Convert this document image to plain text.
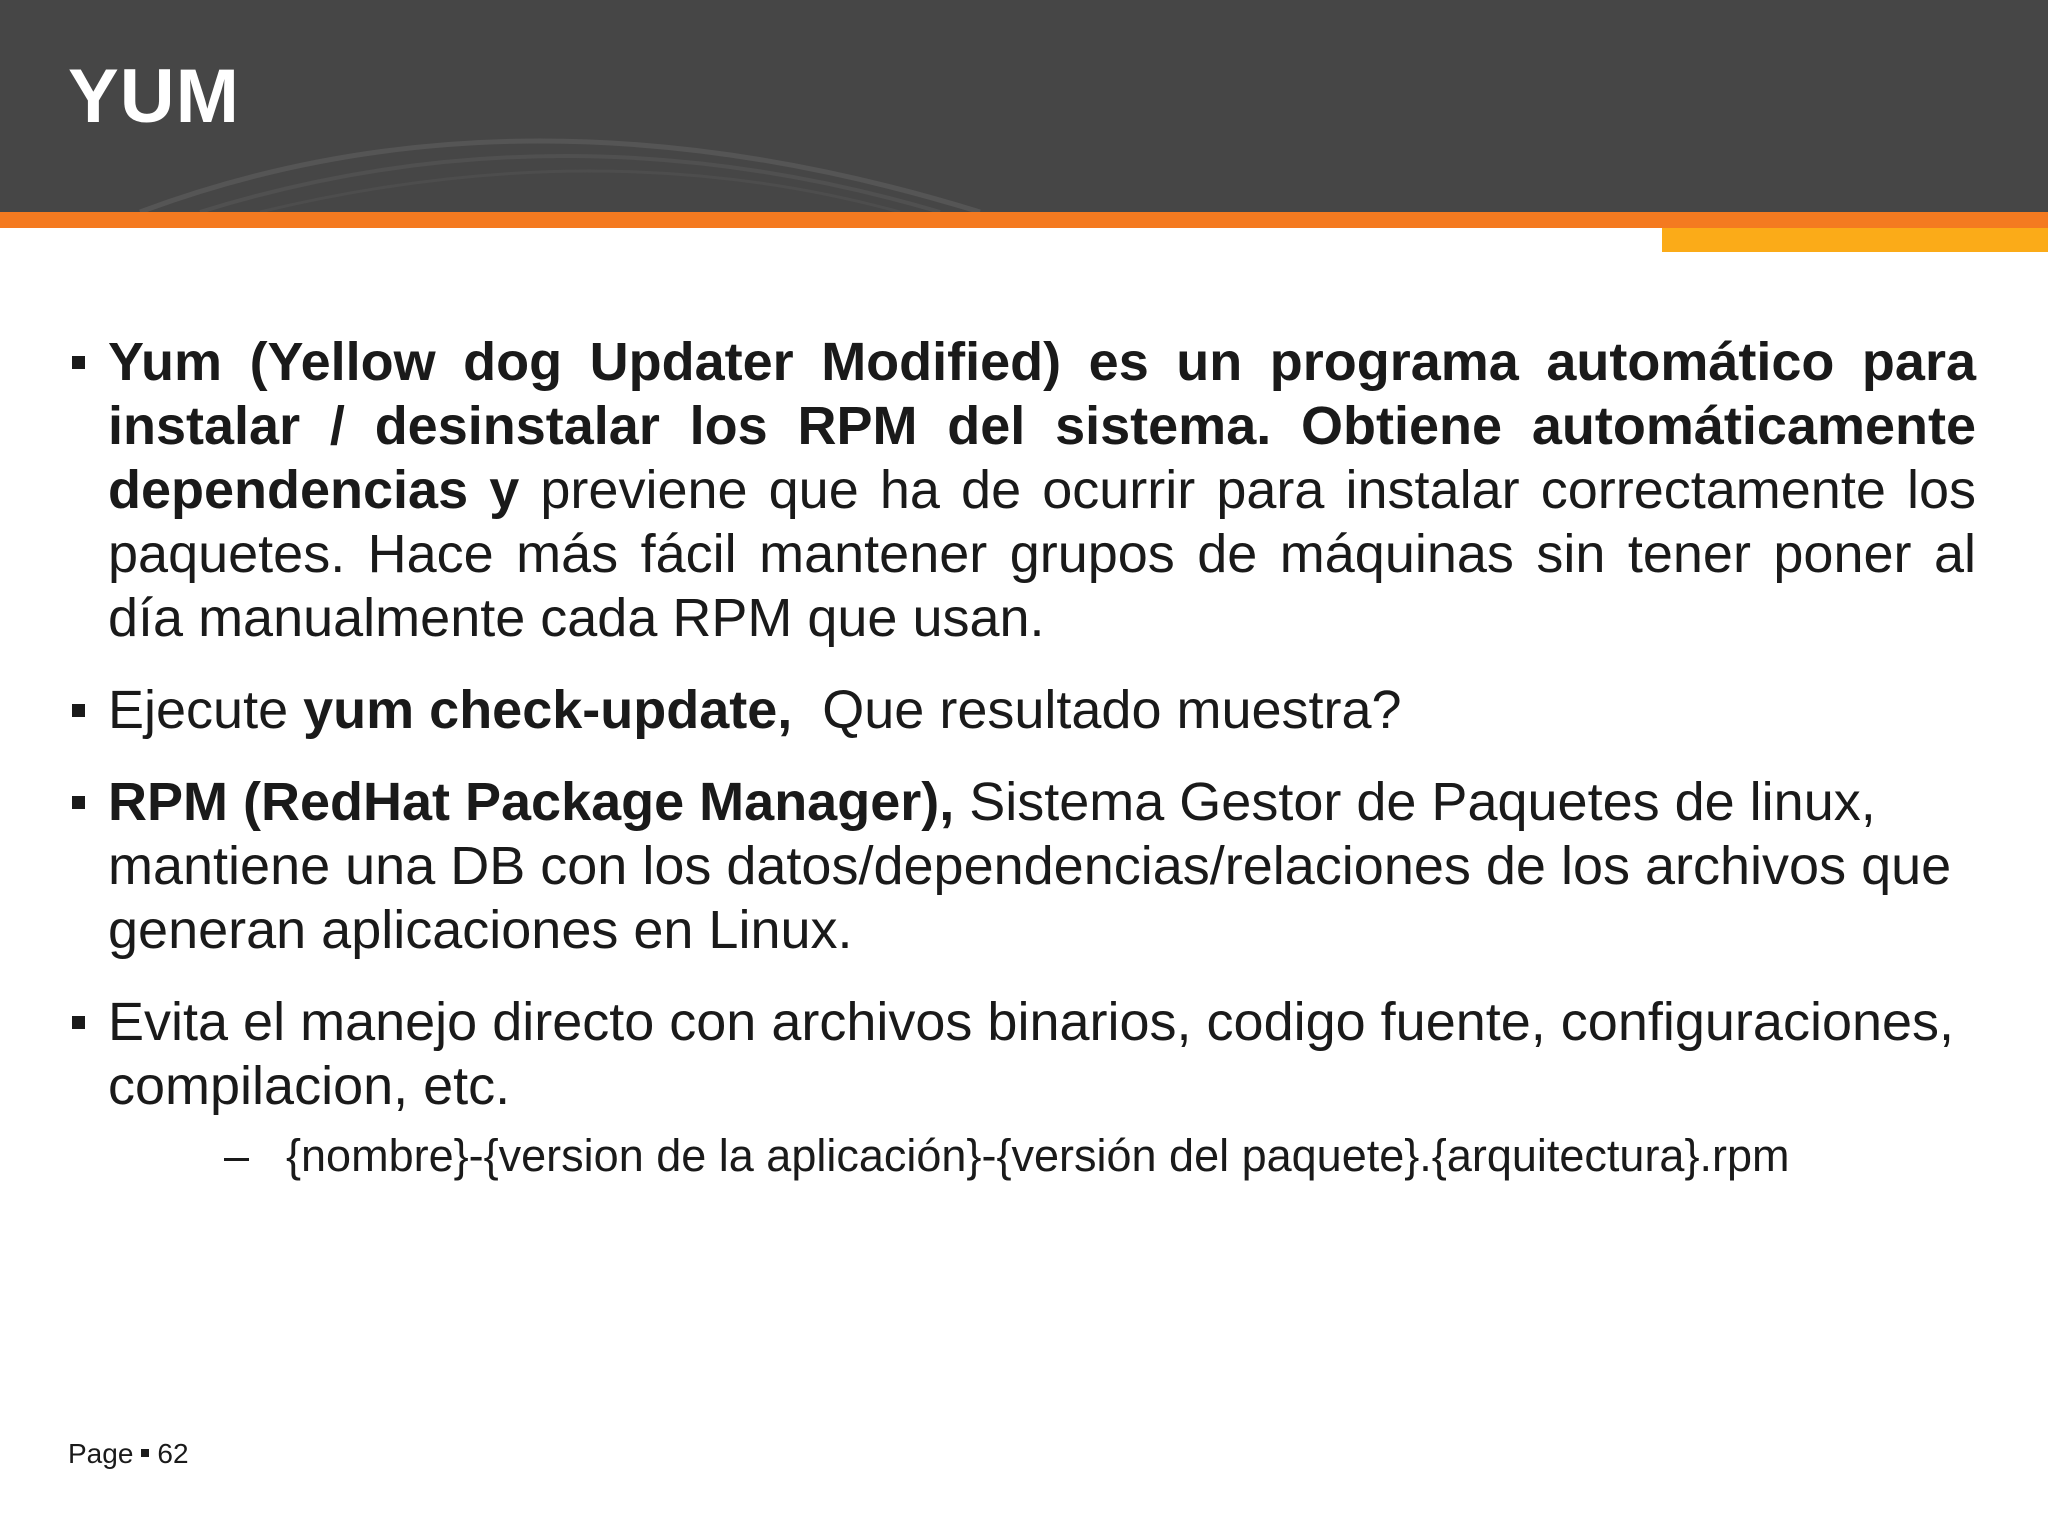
YUM
Yum (Yellow dog Updater Modified) es un programa automático para instalar / desinstalar los RPM del sistema. Obtiene automáticamente dependencias y previene que ha de ocurrir para instalar correctamente los paquetes. Hace más fácil mantener grupos de máquinas sin tener poner al día manualmente cada RPM que usan.
Ejecute yum check-update,  Que resultado muestra?
RPM (RedHat Package Manager), Sistema Gestor de Paquetes de linux, mantiene una DB con los datos/dependencias/relaciones de los archivos que generan aplicaciones en Linux.
Evita el manejo directo con archivos binarios, codigo fuente, configuraciones, compilacion, etc.
– {nombre}-{version de la aplicación}-{versión del paquete}.{arquitectura}.rpm
Page 62
